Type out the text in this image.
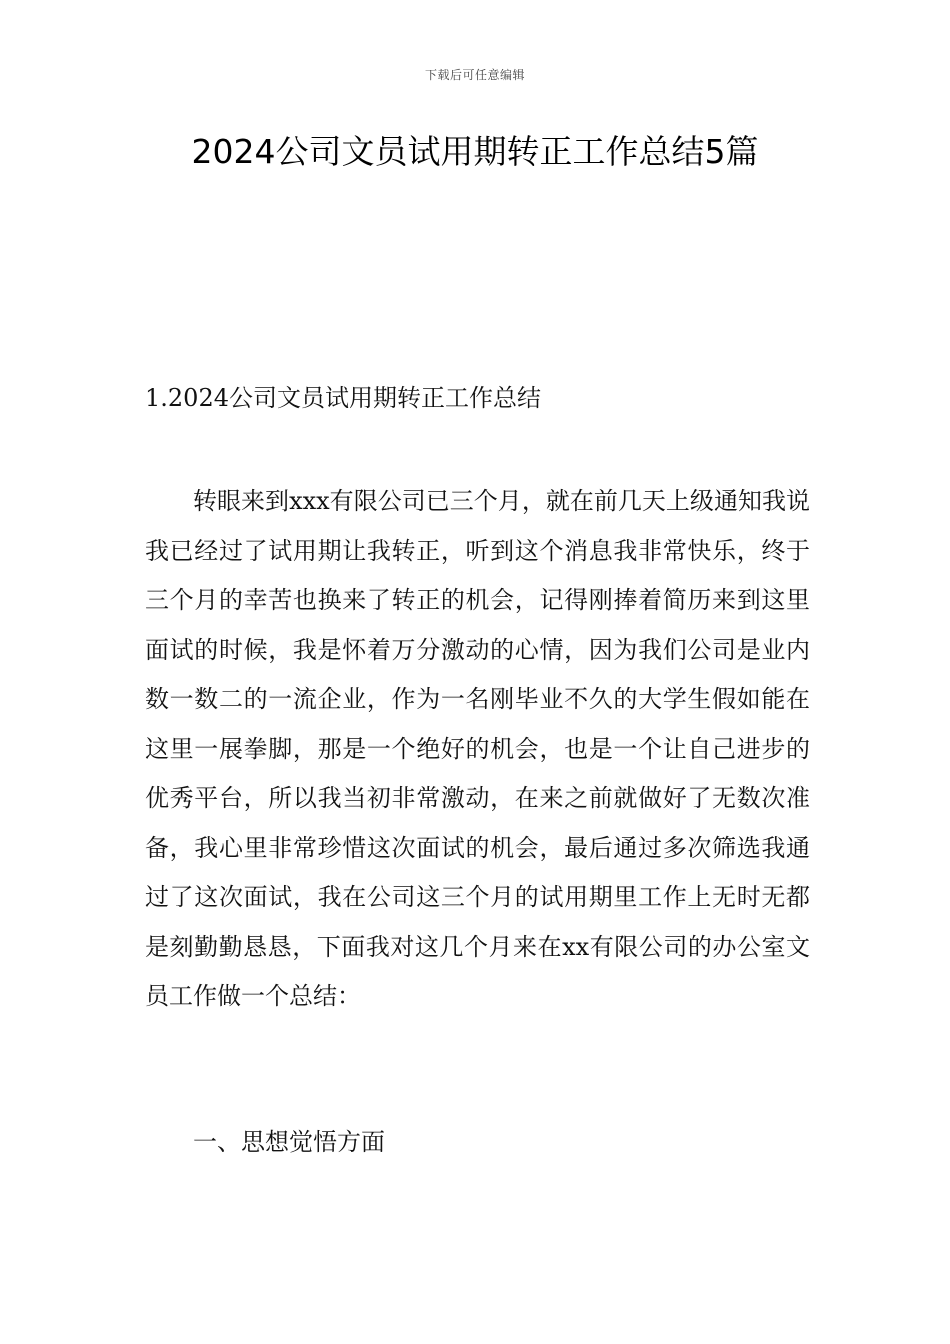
下载后可任意编辑
2024公司文员试用期转正工作总结5篇
1.2024公司文员试用期转正工作总结

转眼来到xxx有限公司已三个月，就在前几天上级通知我说我已经过了试用期让我转正，听到这个消息我非常快乐，终于三个月的幸苦也换来了转正的机会，记得刚捧着简历来到这里面试的时候，我是怀着万分激动的心情，因为我们公司是业内数一数二的一流企业，作为一名刚毕业不久的大学生假如能在这里一展拳脚，那是一个绝好的机会，也是一个让自己进步的优秀平台，所以我当初非常激动，在来之前就做好了无数次准备，我心里非常珍惜这次面试的机会，最后通过多次筛选我通过了这次面试，我在公司这三个月的试用期里工作上无时无都是刻勤勤恳恳，下面我对这几个月来在xx有限公司的办公室文员工作做一个总结：

一、思想觉悟方面
